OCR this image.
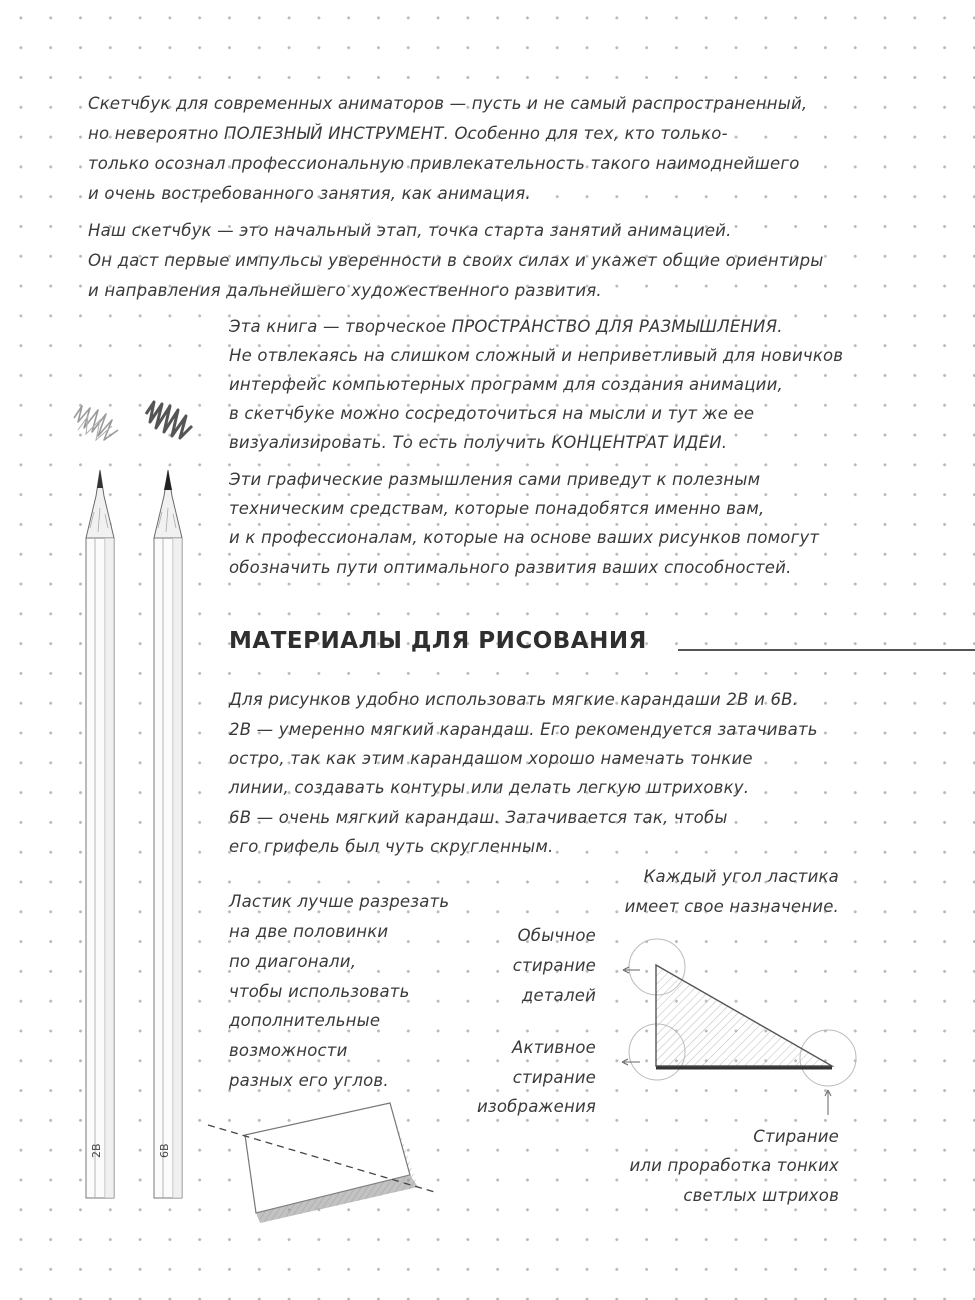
Скетчбук для современных аниматоров — пусть и не самый распространенный,
но невероятно ПОЛЕЗНЫЙ ИНСТРУМЕНТ. Особенно для тех, кто только-
только осознал профессиональную привлекательность такого наимоднейшего
и очень востребованного занятия, как анимация.
Наш скетчбук — это начальный этап, точка старта занятий анимацией.
Он даст первые импульсы уверенности в своих силах и укажет общие ориентиры
и направления дальнейшего художественного развития.
Эта книга — творческое ПРОСТРАНСТВО ДЛЯ РАЗМЫШЛЕНИЯ.
Не отвлекаясь на слишком сложный и неприветливый для новичков
интерфейс компьютерных программ для создания анимации,
в скетчбуке можно сосредоточиться на мысли и тут же ее
визуализировать. То есть получить КОНЦЕНТРАТ ИДЕИ.
Эти графические размышления сами приведут к полезным
техническим средствам, которые понадобятся именно вам,
и к профессионалам, которые на основе ваших рисунков помогут
обозначить пути оптимального развития ваших способностей.
МАТЕРИАЛЫ ДЛЯ РИСОВАНИЯ
Для рисунков удобно использовать мягкие карандаши 2B и 6B.
2B — умеренно мягкий карандаш. Его рекомендуется затачивать
остро, так как этим карандашом хорошо намечать тонкие
линии, создавать контуры или делать легкую штриховку.
6B — очень мягкий карандаш. Затачивается так, чтобы
его грифель был чуть скругленным.
Ластик лучше разрезать
на две половинки
по диагонали,
чтобы использовать
дополнительные
возможности
разных его углов.
Каждый угол ластика
имеет свое назначение.
Обычное
стирание
деталей
Активное
стирание
изображения
Стирание
или проработка тонких
светлых штрихов
2B	6B
